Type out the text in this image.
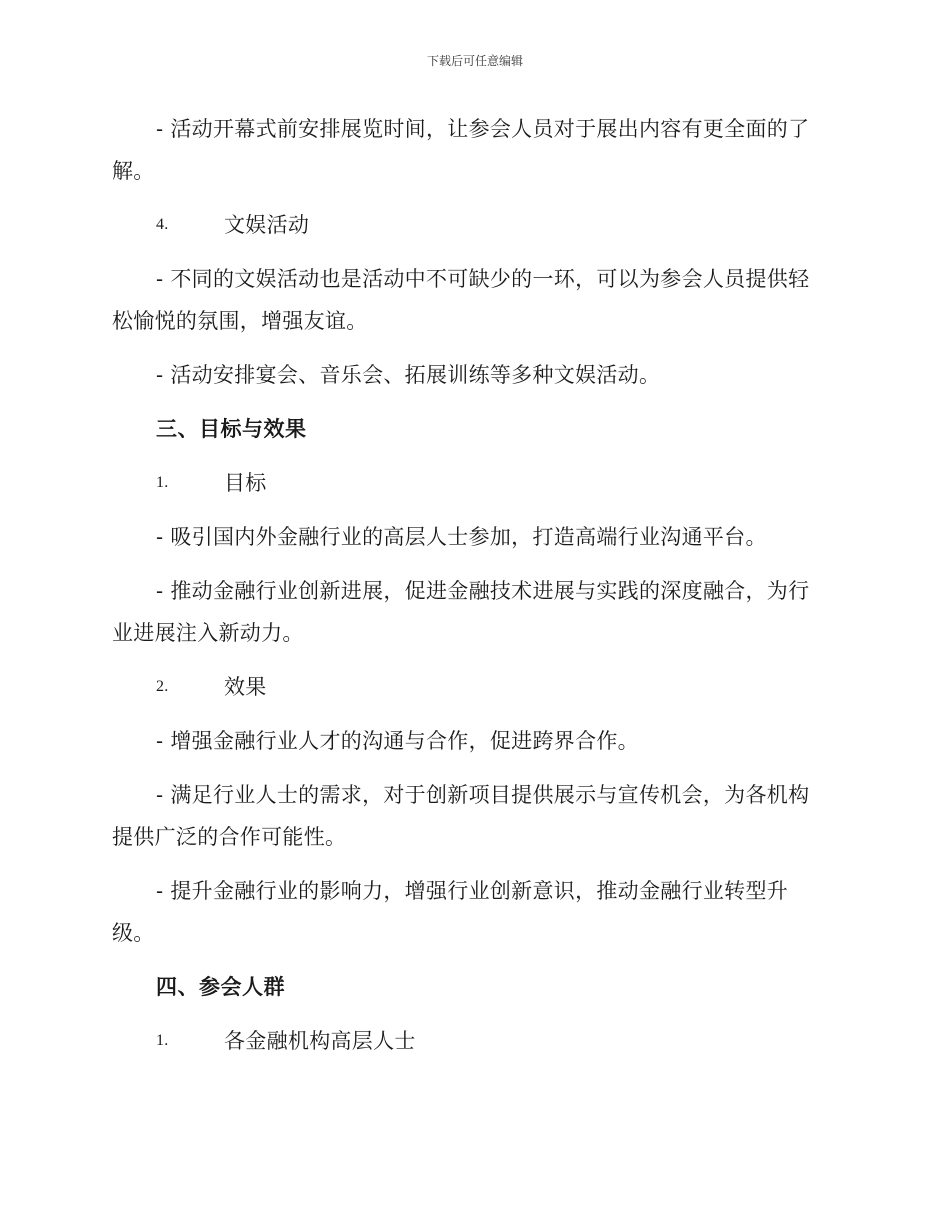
下载后可任意编辑

- 活动开幕式前安排展览时间，让参会人员对于展出内容有更全面的了解。

4.	文娱活动

- 不同的文娱活动也是活动中不可缺少的一环，可以为参会人员提供轻松愉悦的氛围，增强友谊。

- 活动安排宴会、音乐会、拓展训练等多种文娱活动。

三、目标与效果
1.	目标

- 吸引国内外金融行业的高层人士参加，打造高端行业沟通平台。

- 推动金融行业创新进展，促进金融技术进展与实践的深度融合，为行业进展注入新动力。

2.	效果

- 增强金融行业人才的沟通与合作，促进跨界合作。

- 满足行业人士的需求，对于创新项目提供展示与宣传机会，为各机构提供广泛的合作可能性。

- 提升金融行业的影响力，增强行业创新意识，推动金融行业转型升级。

四、参会人群
1.	各金融机构高层人士
